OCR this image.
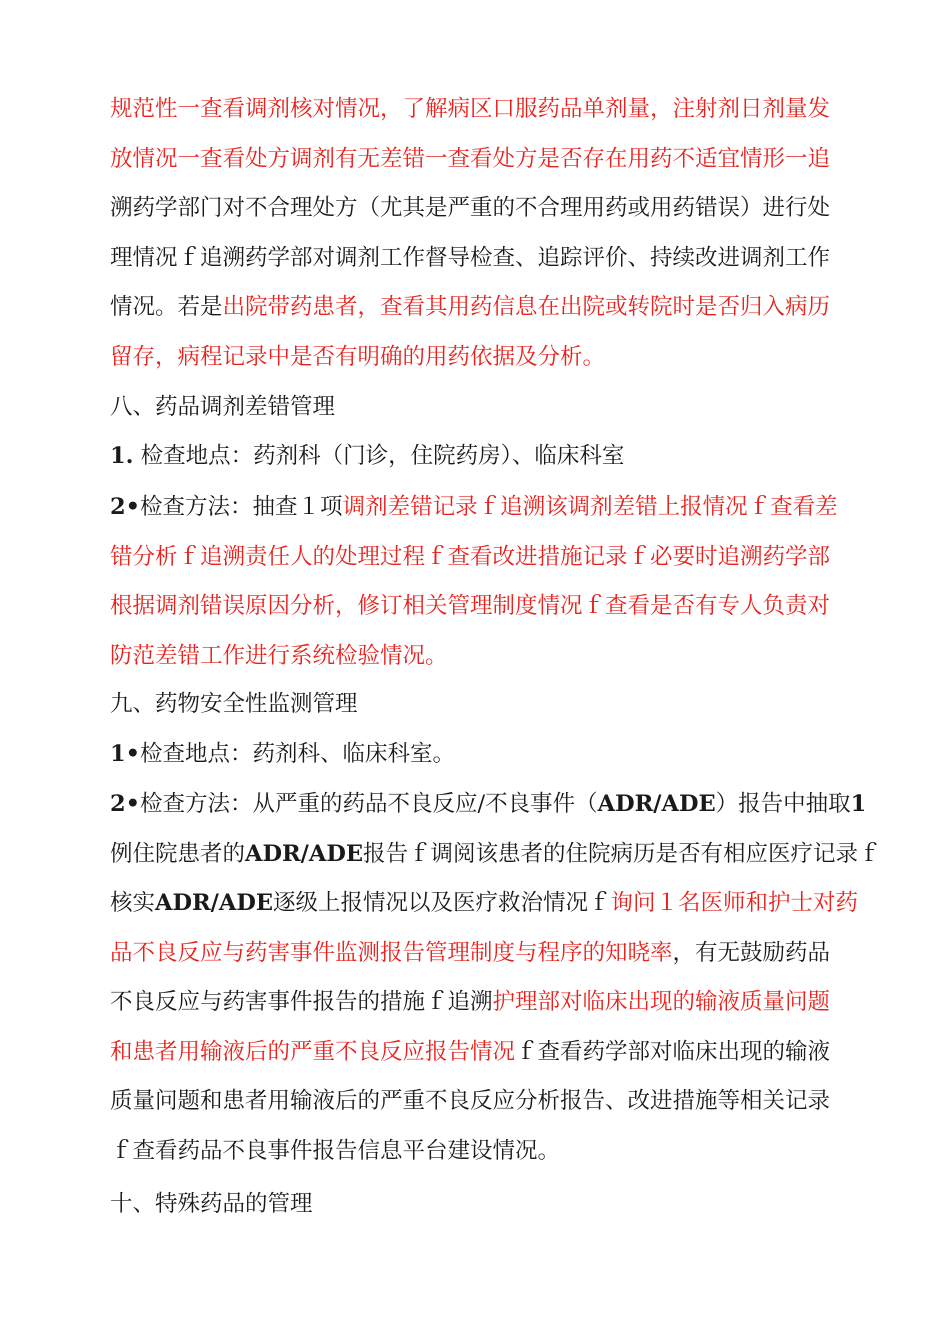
规范性一查看调剂核对情况，了解病区口服药品单剂量，注射剂日剂量发
放情况一查看处方调剂有无差错一查看处方是否存在用药不适宜情形一追
溯药学部门对不合理处方（尤其是严重的不合理用药或用药错误）进行处
理情况ｆ追溯药学部对调剂工作督导检查、追踪评价、持续改进调剂工作
情况。若是出院带药患者，查看其用药信息在出院或转院时是否归入病历
留存，病程记录中是否有明确的用药依据及分析。
八、药品调剂差错管理
1. 检查地点：药剂科（门诊，住院药房）、临床科室
2•检查方法：抽查１项调剂差错记录ｆ追溯该调剂差错上报情况ｆ查看差
错分析ｆ追溯责任人的处理过程ｆ查看改进措施记录ｆ必要时追溯药学部
根据调剂错误原因分析，修订相关管理制度情况ｆ查看是否有专人负责对
防范差错工作进行系统检验情况。
九、药物安全性监测管理
1•检查地点：药剂科、临床科室。
2•检查方法：从严重的药品不良反应/不良事件（ADR/ADE）报告中抽取1
例住院患者的ADR/ADE报告ｆ调阅该患者的住院病历是否有相应医疗记录ｆ
核实ADR/ADE逐级上报情况以及医疗救治情况ｆ询问１名医师和护士对药
品不良反应与药害事件监测报告管理制度与程序的知晓率，有无鼓励药品
不良反应与药害事件报告的措施ｆ追溯护理部对临床出现的输液质量问题
和患者用输液后的严重不良反应报告情况ｆ查看药学部对临床出现的输液
质量问题和患者用输液后的严重不良反应分析报告、改进措施等相关记录
ｆ查看药品不良事件报告信息平台建设情况。
十、特殊药品的管理
